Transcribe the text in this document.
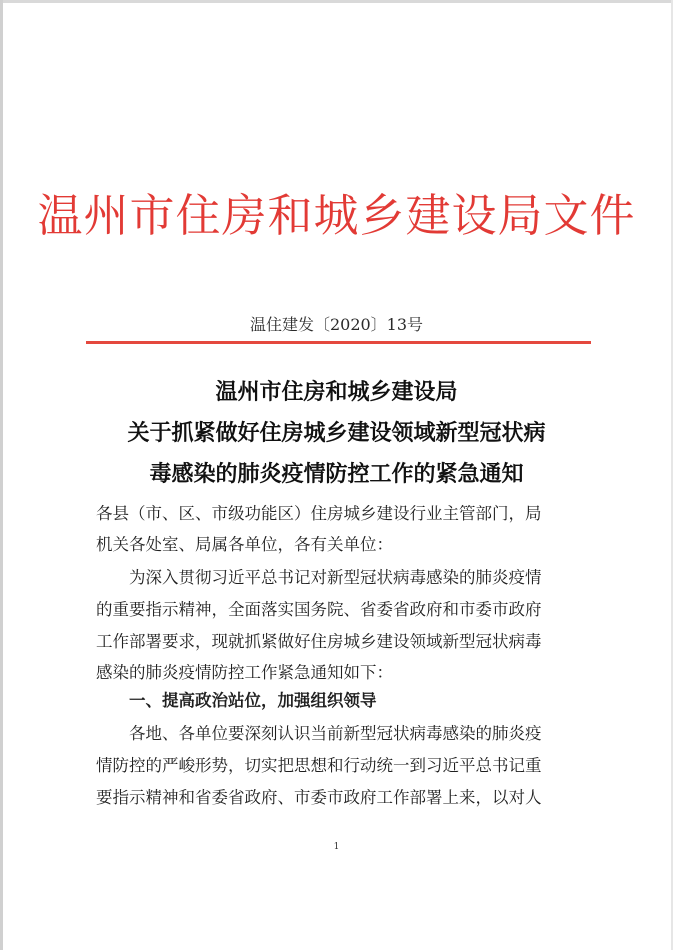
温州市住房和城乡建设局文件
温住建发〔2020〕13号
温州市住房和城乡建设局
关于抓紧做好住房城乡建设领域新型冠状病
毒感染的肺炎疫情防控工作的紧急通知
各县（市、区、市级功能区）住房城乡建设行业主管部门，局
机关各处室、局属各单位，各有关单位：
　　为深入贯彻习近平总书记对新型冠状病毒感染的肺炎疫情
的重要指示精神，全面落实国务院、省委省政府和市委市政府
工作部署要求，现就抓紧做好住房城乡建设领域新型冠状病毒
感染的肺炎疫情防控工作紧急通知如下：
　　一、提高政治站位，加强组织领导
　　各地、各单位要深刻认识当前新型冠状病毒感染的肺炎疫
情防控的严峻形势，切实把思想和行动统一到习近平总书记重
要指示精神和省委省政府、市委市政府工作部署上来，以对人
1
